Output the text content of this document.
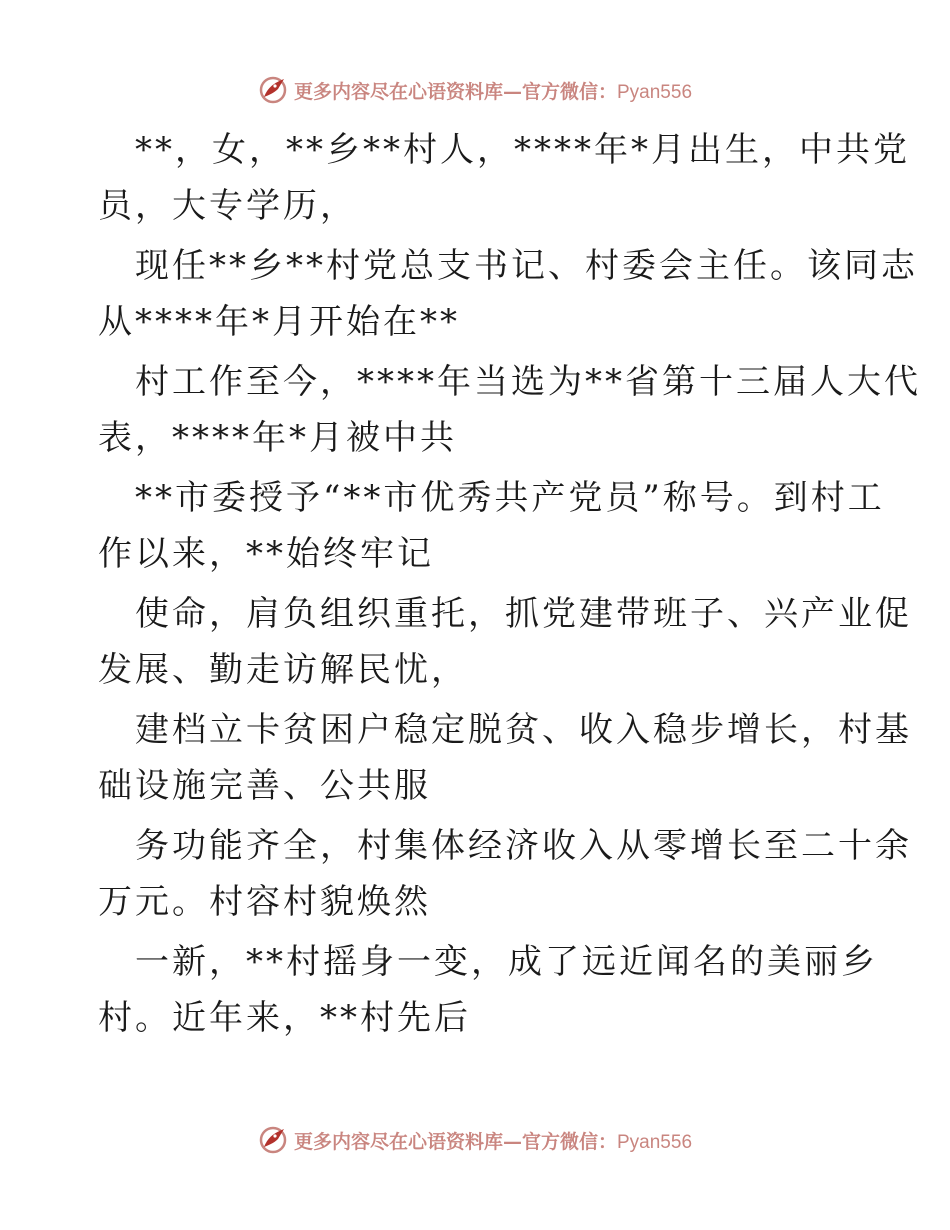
更多内容尽在心语资料库—官方微信：Pyan556
**，女，**乡**村人，****年*月出生，中共党
员，大专学历，
现任**乡**村党总支书记、村委会主任。该同志
从****年*月开始在**
村工作至今，****年当选为**省第十三届人大代
表，****年*月被中共
**市委授予“**市优秀共产党员”称号。到村工
作以来，**始终牢记
使命，肩负组织重托，抓党建带班子、兴产业促
发展、勤走访解民忧，
建档立卡贫困户稳定脱贫、收入稳步增长，村基
础设施完善、公共服
务功能齐全，村集体经济收入从零增长至二十余
万元。村容村貌焕然
一新，**村摇身一变，成了远近闻名的美丽乡
村。近年来，**村先后
更多内容尽在心语资料库—官方微信：Pyan556
